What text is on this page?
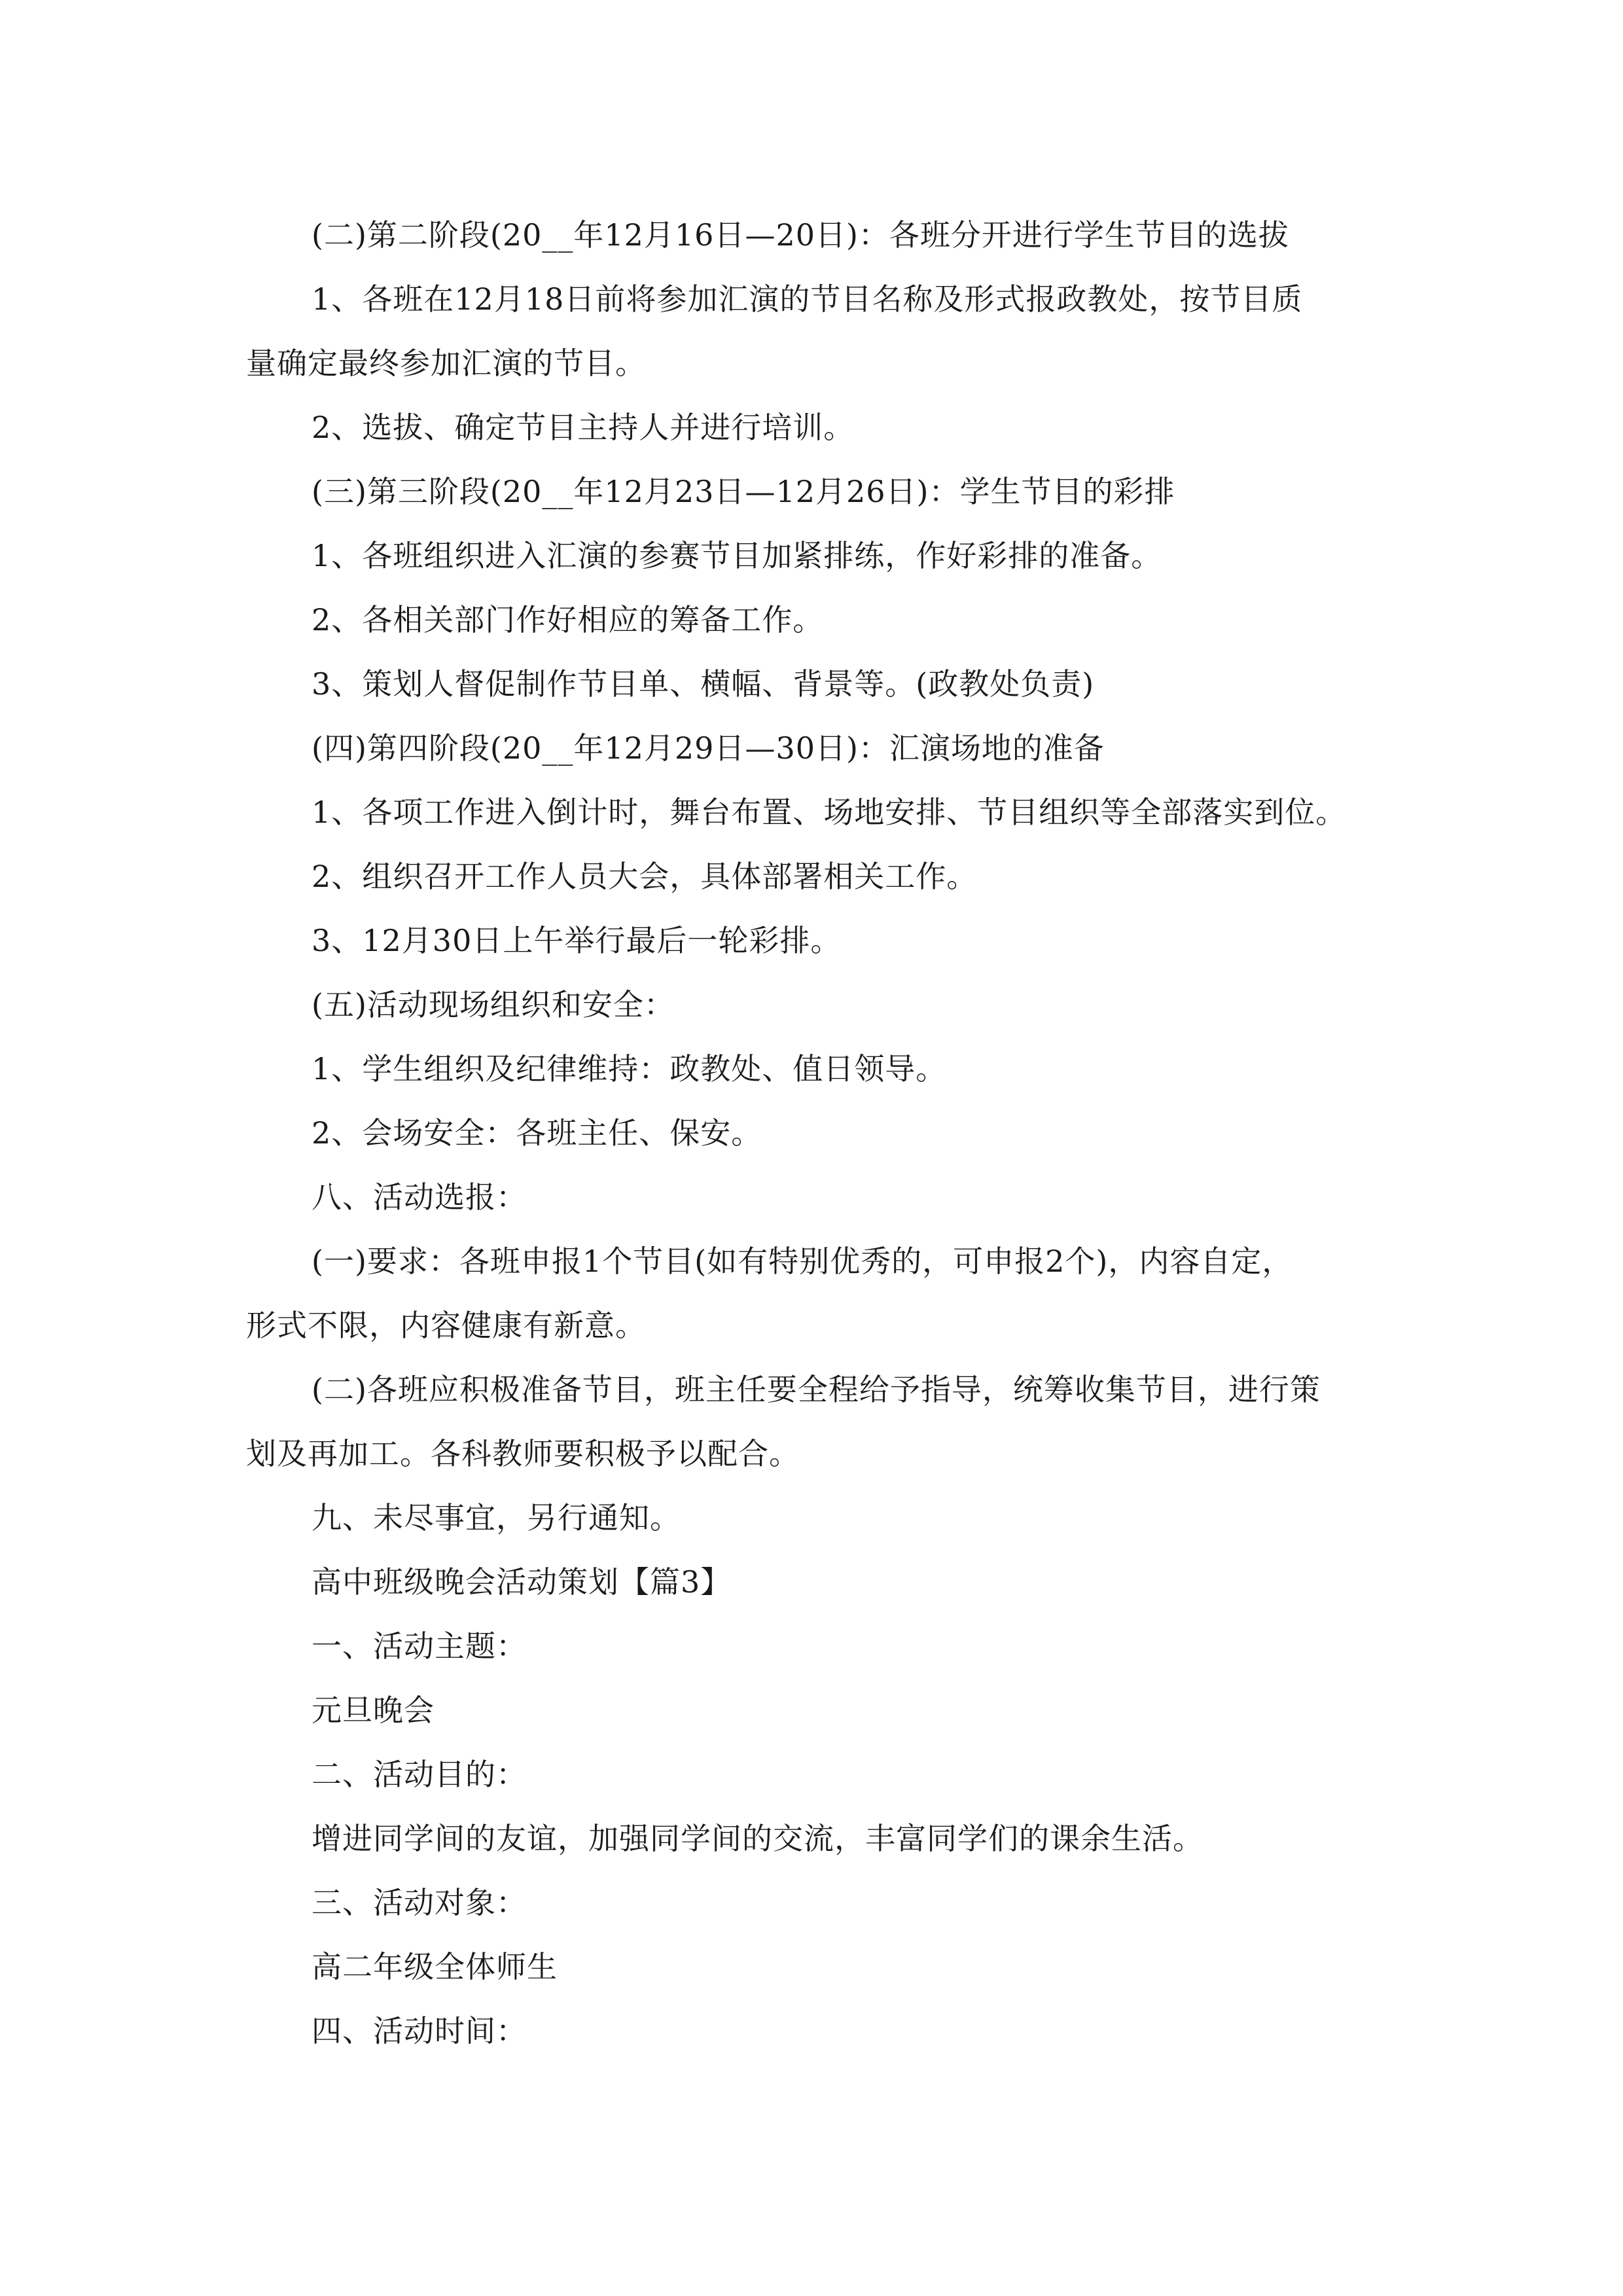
(二)第二阶段(20__年12月16日—20日)：各班分开进行学生节目的选拔

1、各班在12月18日前将参加汇演的节目名称及形式报政教处，按节目质

量确定最终参加汇演的节目。

2、选拔、确定节目主持人并进行培训。

(三)第三阶段(20__年12月23日—12月26日)：学生节目的彩排

1、各班组织进入汇演的参赛节目加紧排练，作好彩排的准备。

2、各相关部门作好相应的筹备工作。

3、策划人督促制作节目单、横幅、背景等。(政教处负责)

(四)第四阶段(20__年12月29日—30日)：汇演场地的准备

1、各项工作进入倒计时，舞台布置、场地安排、节目组织等全部落实到位。

2、组织召开工作人员大会，具体部署相关工作。

3、12月30日上午举行最后一轮彩排。

(五)活动现场组织和安全：

1、学生组织及纪律维持：政教处、值日领导。

2、会场安全：各班主任、保安。

八、活动选报：

(一)要求：各班申报1个节目(如有特别优秀的，可申报2个)，内容自定，

形式不限，内容健康有新意。

(二)各班应积极准备节目，班主任要全程给予指导，统筹收集节目，进行策

划及再加工。各科教师要积极予以配合。

九、未尽事宜，另行通知。

高中班级晚会活动策划【篇3】

一、活动主题：

元旦晚会

二、活动目的：

增进同学间的友谊，加强同学间的交流，丰富同学们的课余生活。

三、活动对象：

高二年级全体师生

四、活动时间：
